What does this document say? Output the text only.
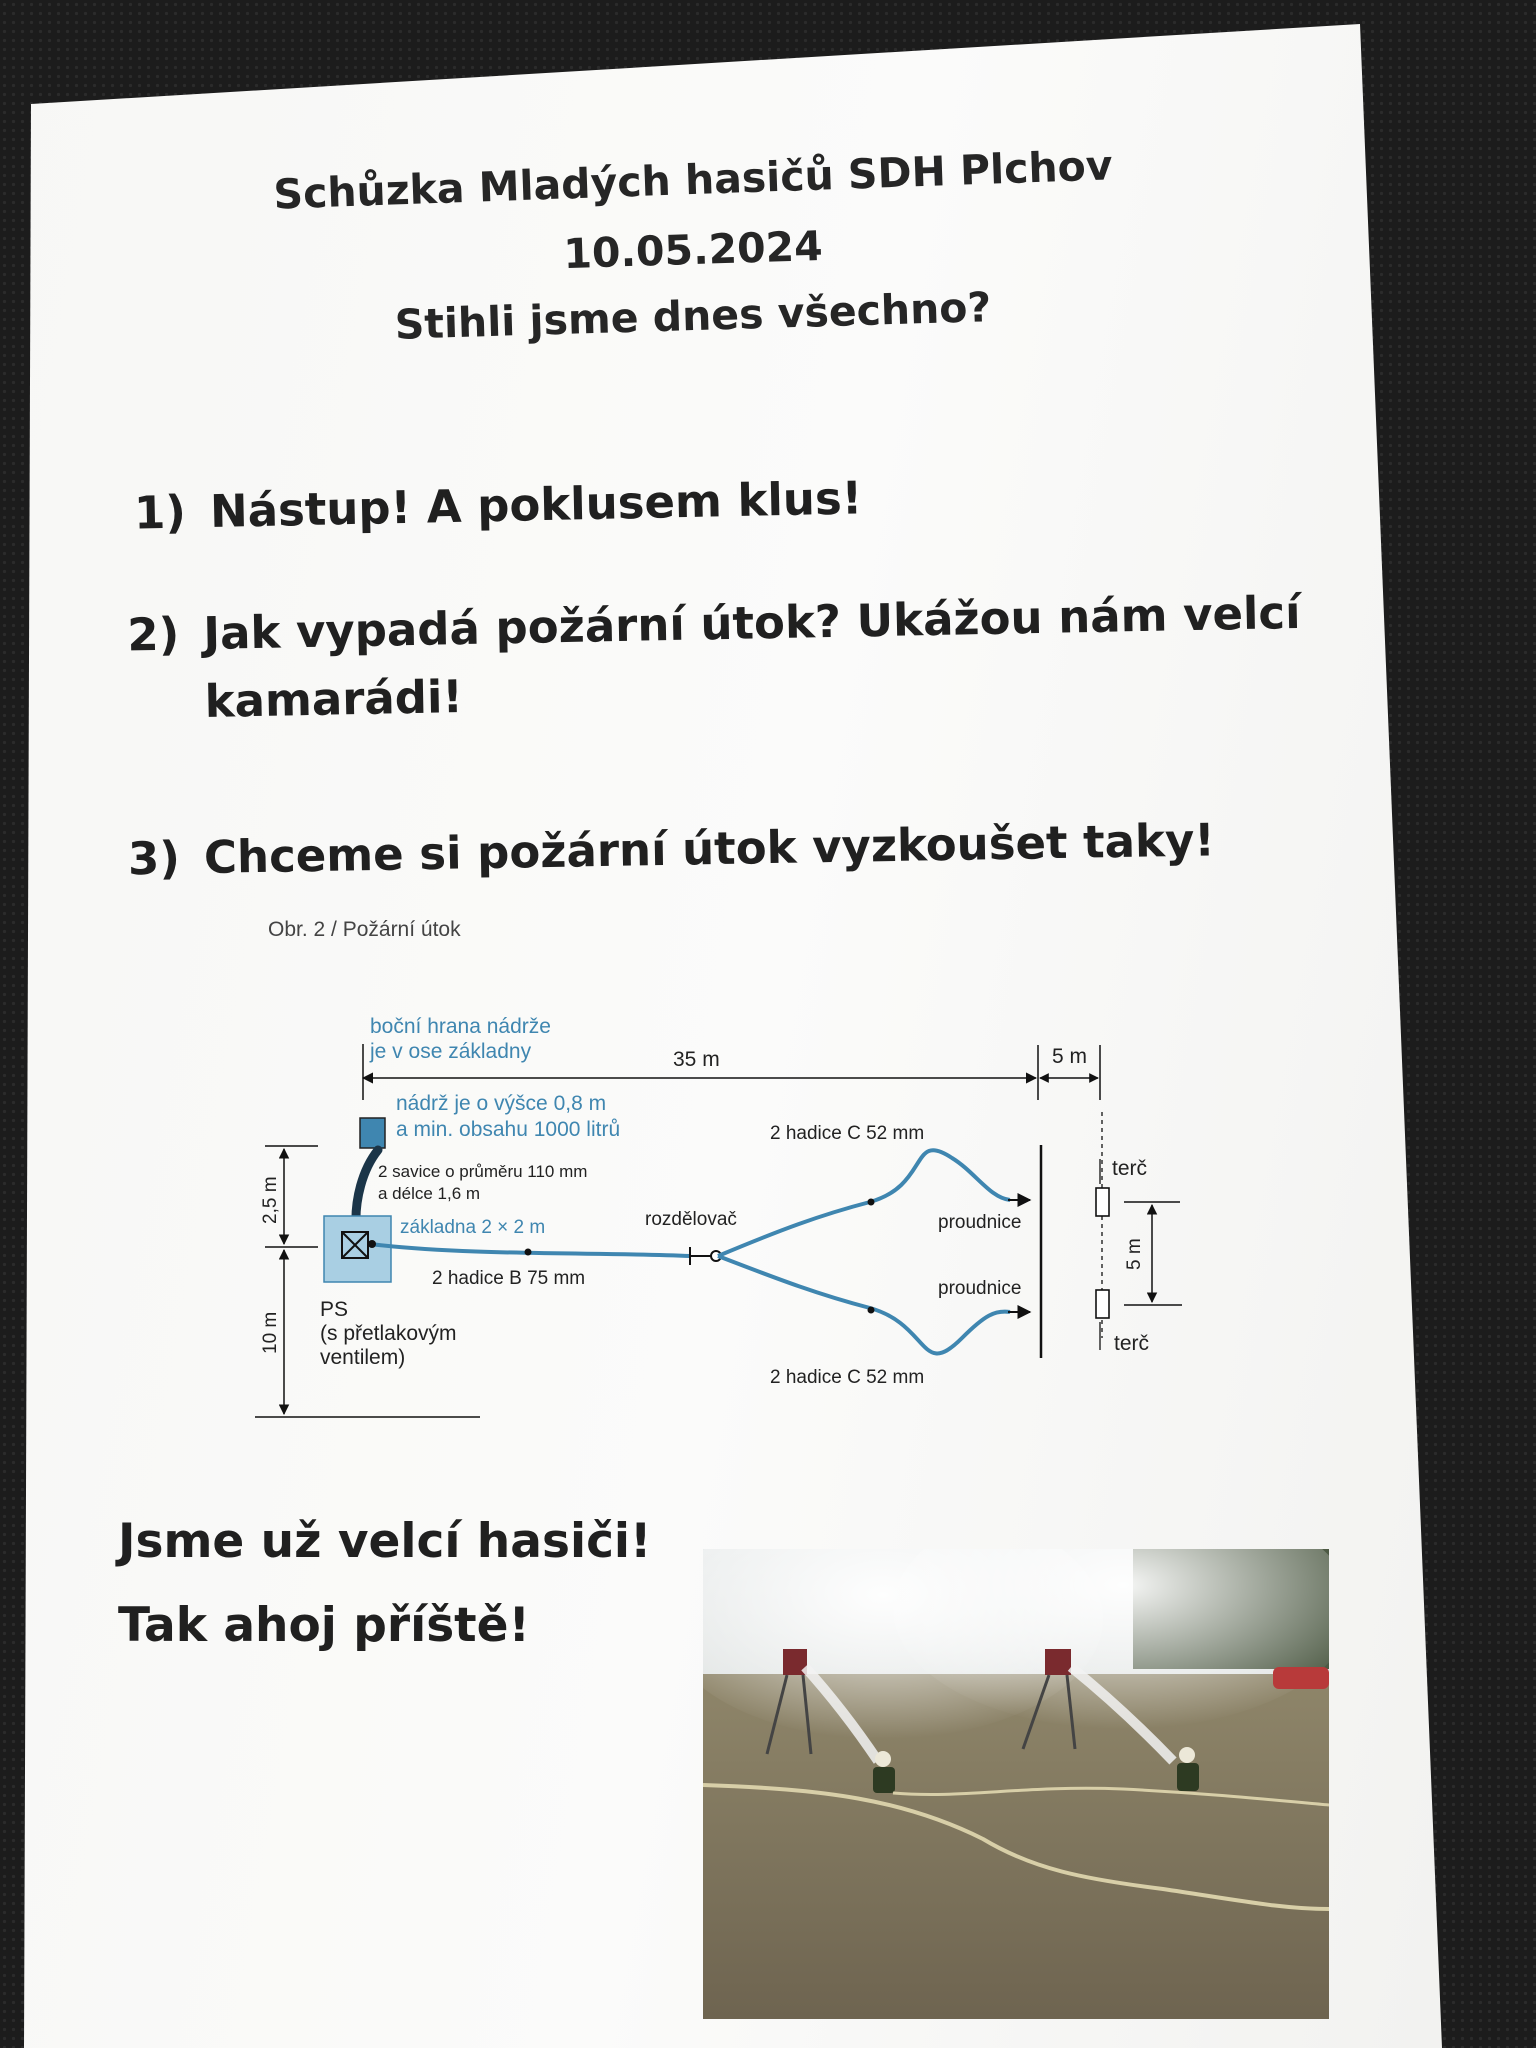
Schůzka Mladých hasičů SDH Plchov
10.05.2024
Stihli jsme dnes všechno?
1) Nástup! A poklusem klus!
2) Jak vypadá požární útok? Ukážou nám velcí
kamarádi!
3) Chceme si požární útok vyzkoušet taky!
Obr. 2 / Požární útok
boční hrana nádrže
je v ose základny	35 m	5 m
nádrž je o výšce 0,8 m
a min. obsahu 1000 litrů
2 savice o průměru 110 mm
a délce 1,6 m
základna 2 × 2 m
2,5 m
10 m
2 hadice B 75 mm
rozdělovač
2 hadice C 52 mm
2 hadice C 52 mm
proudnice
proudnice
PS
(s přetlakovým
ventilem)
terč
terč
5 m
Jsme už velcí hasiči!
Tak ahoj příště!
